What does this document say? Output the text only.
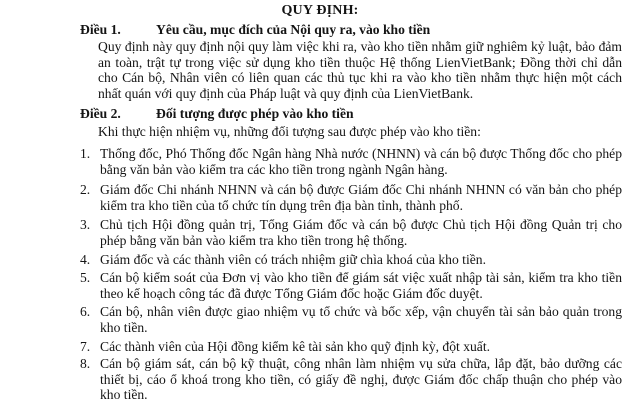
QUY ĐỊNH:
Điều 1.	Yêu cầu, mục đích của Nội quy ra, vào kho tiền
Quy định này quy định nội quy làm việc khi ra, vào kho tiền nhằm giữ nghiêm kỷ luật, bảo đảm an toàn, trật tự trong việc sử dụng kho tiền thuộc Hệ thống LienVietBank; Đồng thời chỉ dẫn cho Cán bộ, Nhân viên có liên quan các thủ tục khi ra vào kho tiền nhằm thực hiện một cách nhất quán với quy định của Pháp luật và quy định của LienVietBank.
Điều 2.	Đối tượng được phép vào kho tiền
Khi thực hiện nhiệm vụ, những đối tượng sau được phép vào kho tiền:
1. Thống đốc, Phó Thống đốc Ngân hàng Nhà nước (NHNN) và cán bộ được Thống đốc cho phép bằng văn bản vào kiểm tra các kho tiền trong ngành Ngân hàng.
2. Giám đốc Chi nhánh NHNN và cán bộ được Giám đốc Chi nhánh NHNN có văn bản cho phép kiểm tra kho tiền của tổ chức tín dụng trên địa bàn tỉnh, thành phố.
3. Chủ tịch Hội đồng quản trị, Tổng Giám đốc và cán bộ được Chủ tịch Hội đồng Quản trị cho phép bằng văn bản vào kiểm tra kho tiền trong hệ thống.
4. Giám đốc và các thành viên có trách nhiệm giữ chìa khoá của kho tiền.
5. Cán bộ kiểm soát của Đơn vị vào kho tiền để giám sát việc xuất nhập tài sản, kiểm tra kho tiền theo kế hoạch công tác đã được Tổng Giám đốc hoặc Giám đốc duyệt.
6. Cán bộ, nhân viên được giao nhiệm vụ tổ chức và bốc xếp, vận chuyển tài sản bảo quản trong kho tiền.
7. Các thành viên của Hội đồng kiểm kê tài sản kho quỹ định kỳ, đột xuất.
8. Cán bộ giám sát, cán bộ kỹ thuật, công nhân làm nhiệm vụ sửa chữa, lắp đặt, bảo dưỡng các thiết bị, cáo ổ khoá trong kho tiền, có giấy đề nghị, được Giám đốc chấp thuận cho phép vào kho tiền.
